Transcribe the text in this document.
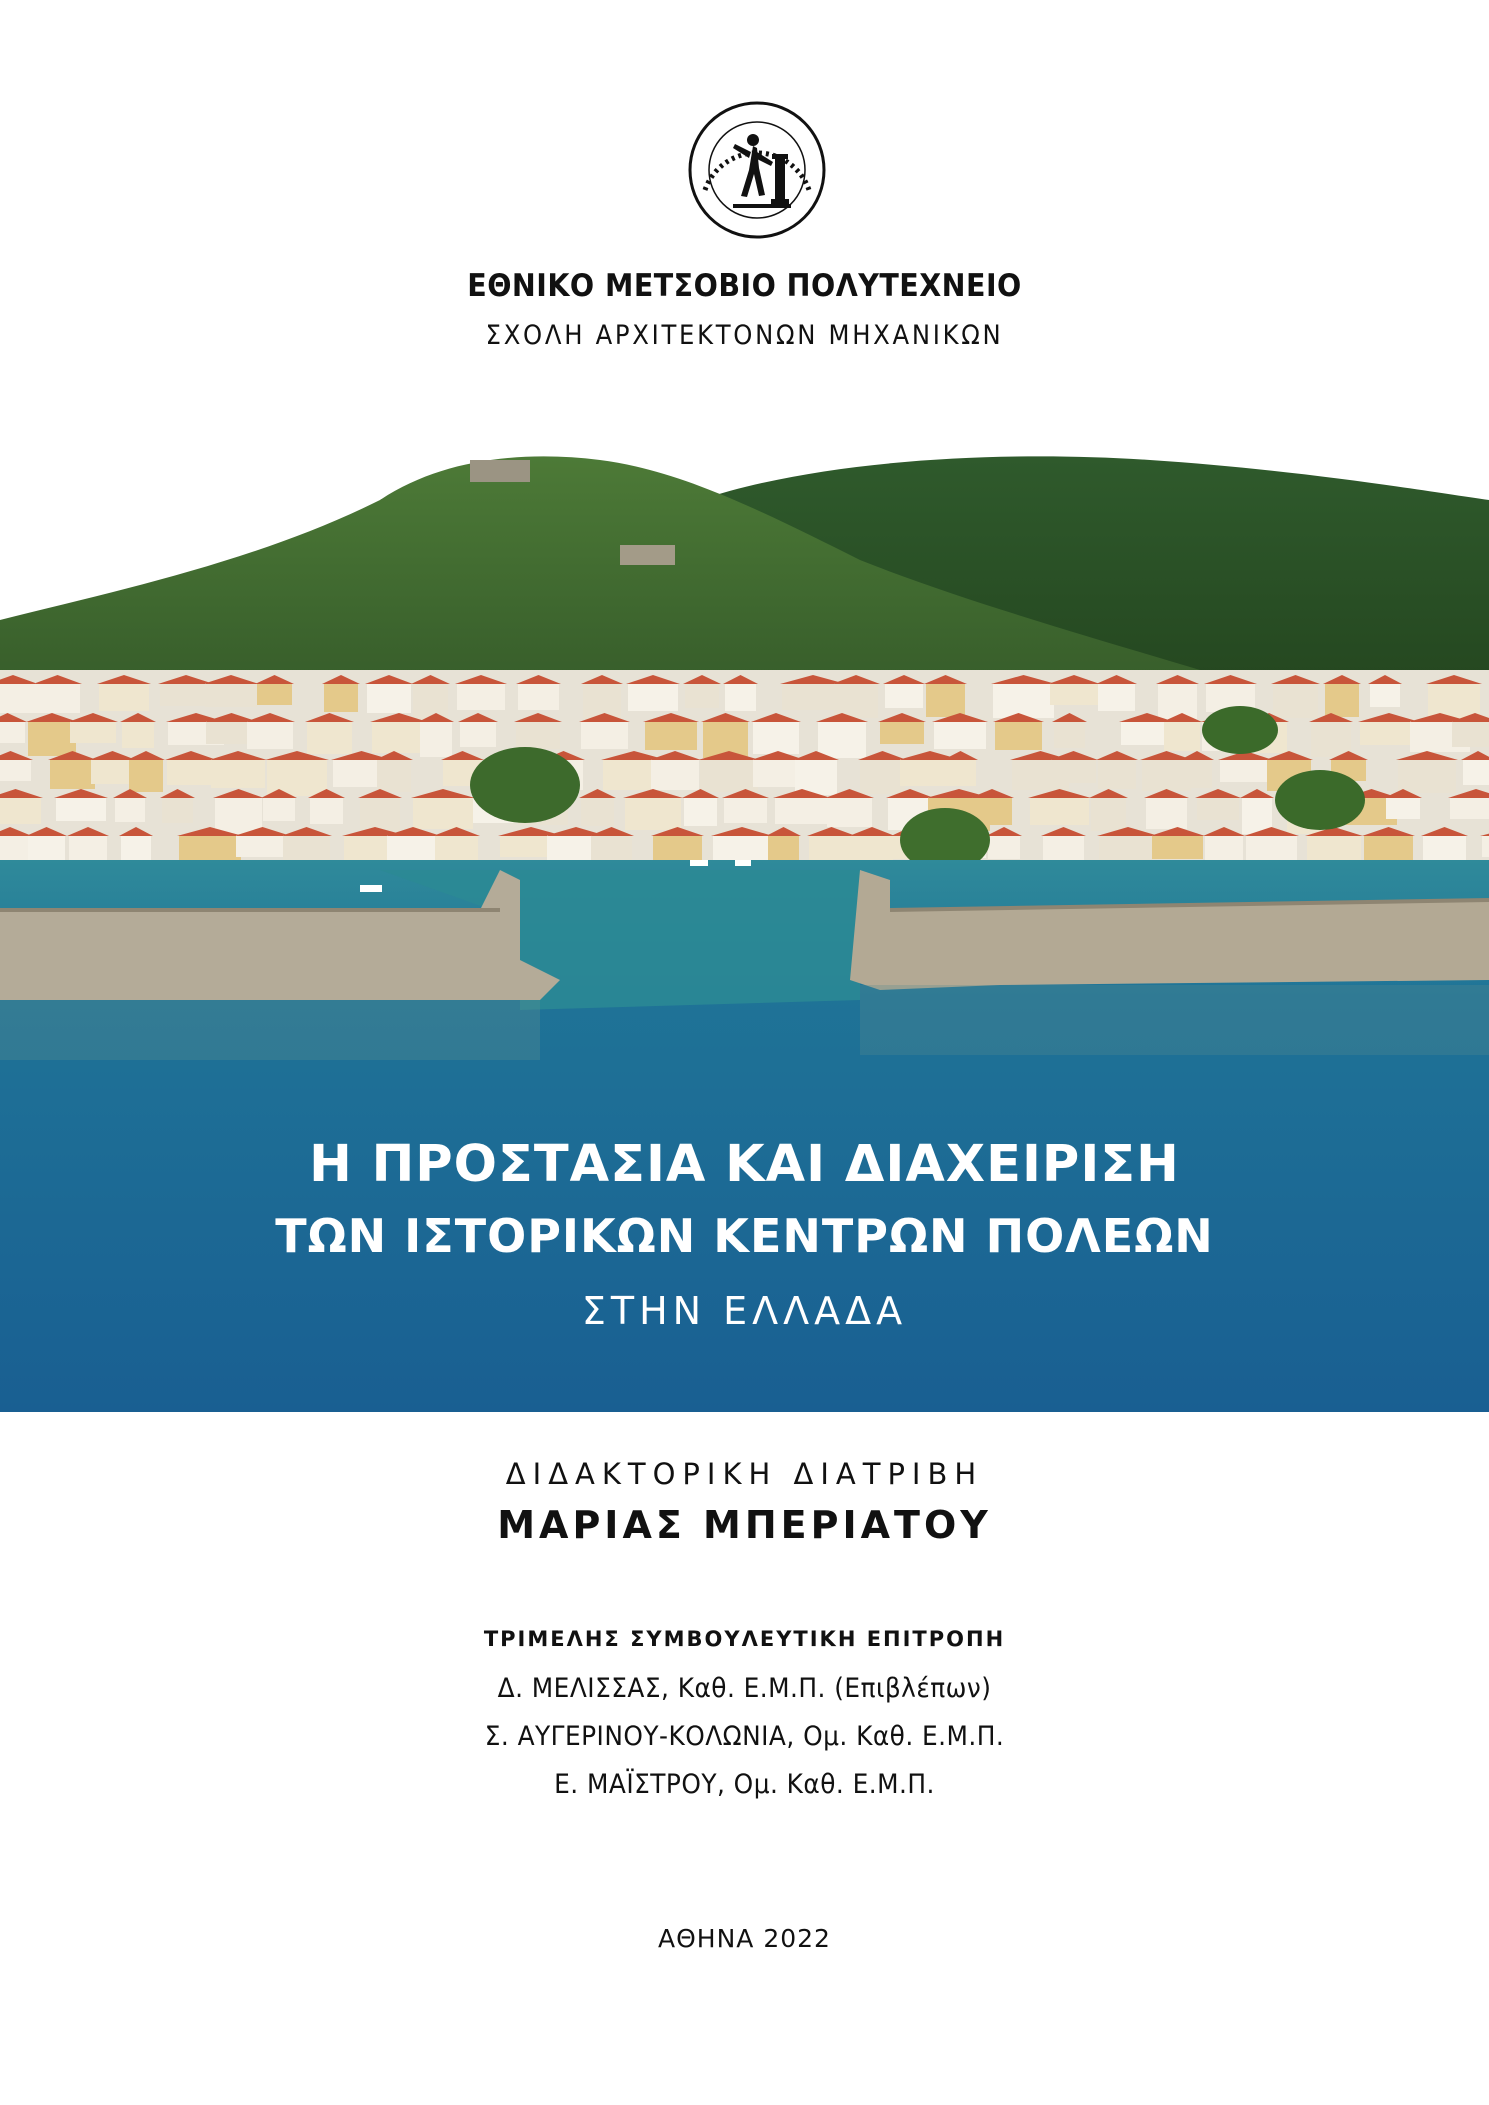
ΕΘΝΙΚΟ ΜΕΤΣΟΒΙΟ ΠΟΛΥΤΕΧΝΕΙΟ
ΣΧΟΛΗ ΑΡΧΙΤΕΚΤΟΝΩΝ ΜΗΧΑΝΙΚΩΝ
Η ΠΡΟΣΤΑΣΙΑ ΚΑΙ ΔΙΑΧΕΙΡΙΣΗ
ΤΩΝ ΙΣΤΟΡΙΚΩΝ ΚΕΝΤΡΩΝ ΠΟΛΕΩΝ
ΣΤΗΝ ΕΛΛΑΔΑ
ΔΙΔΑΚΤΟΡΙΚΗ ΔΙΑΤΡΙΒΗ
ΜΑΡΙΑΣ ΜΠΕΡΙΑΤΟΥ
ΤΡΙΜΕΛΗΣ ΣΥΜΒΟΥΛΕΥΤΙΚΗ ΕΠΙΤΡΟΠΗ
Δ. ΜΕΛΙΣΣΑΣ, Καθ. Ε.Μ.Π. (Επιβλέπων)
Σ. ΑΥΓΕΡΙΝΟΥ-ΚΟΛΩΝΙΑ, Ομ. Καθ. Ε.Μ.Π.
Ε. ΜΑΪΣΤΡΟΥ, Ομ. Καθ. Ε.Μ.Π.
ΑΘΗΝΑ 2022
